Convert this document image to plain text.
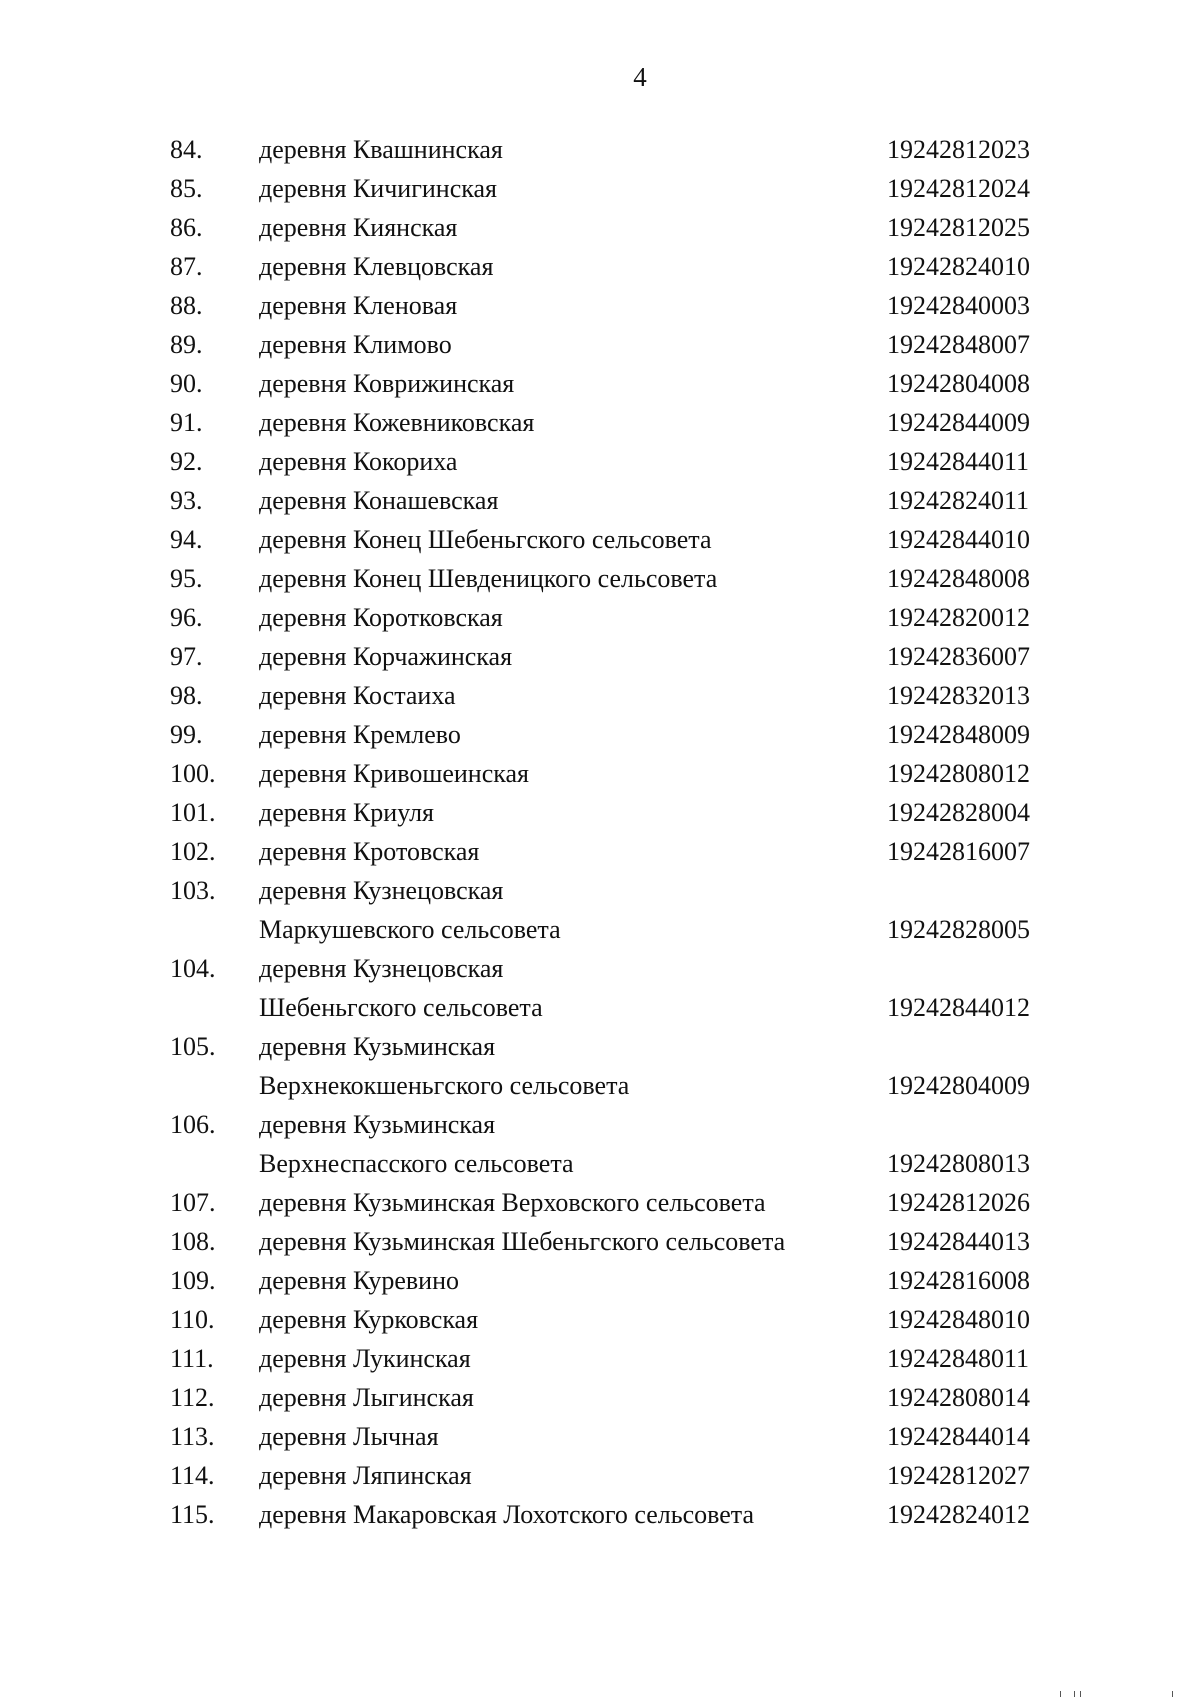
4
84. деревня Квашнинская	19242812023
85. деревня Кичигинская	19242812024
86. деревня Киянская	19242812025
87. деревня Клевцовская	19242824010
88. деревня Кленовая	19242840003
89. деревня Климово	19242848007
90. деревня Коврижинская	19242804008
91. деревня Кожевниковская	19242844009
92. деревня Кокориха	19242844011
93. деревня Конашевская	19242824011
94. деревня Конец Шебеньгского сельсовета	19242844010
95. деревня Конец Шевденицкого сельсовета	19242848008
96. деревня Коротковская	19242820012
97. деревня Корчажинская	19242836007
98. деревня Костаиха	19242832013
99. деревня Кремлево	19242848009
100. деревня Кривошеинская	19242808012
101. деревня Криуля	19242828004
102. деревня Кротовская	19242816007
103. деревня Кузнецовская
Маркушевского сельсовета	19242828005
104. деревня Кузнецовская
Шебеньгского сельсовета	19242844012
105. деревня Кузьминская
Верхнекокшеньгского сельсовета	19242804009
106. деревня Кузьминская
Верхнеспасского сельсовета	19242808013
107. деревня Кузьминская Верховского сельсовета	19242812026
108. деревня Кузьминская Шебеньгского сельсовета	19242844013
109. деревня Куревино	19242816008
110. деревня Курковская	19242848010
111. деревня Лукинская	19242848011
112. деревня Лыгинская	19242808014
113. деревня Лычная	19242844014
114. деревня Ляпинская	19242812027
115. деревня Макаровская Лохотского сельсовета	19242824012
